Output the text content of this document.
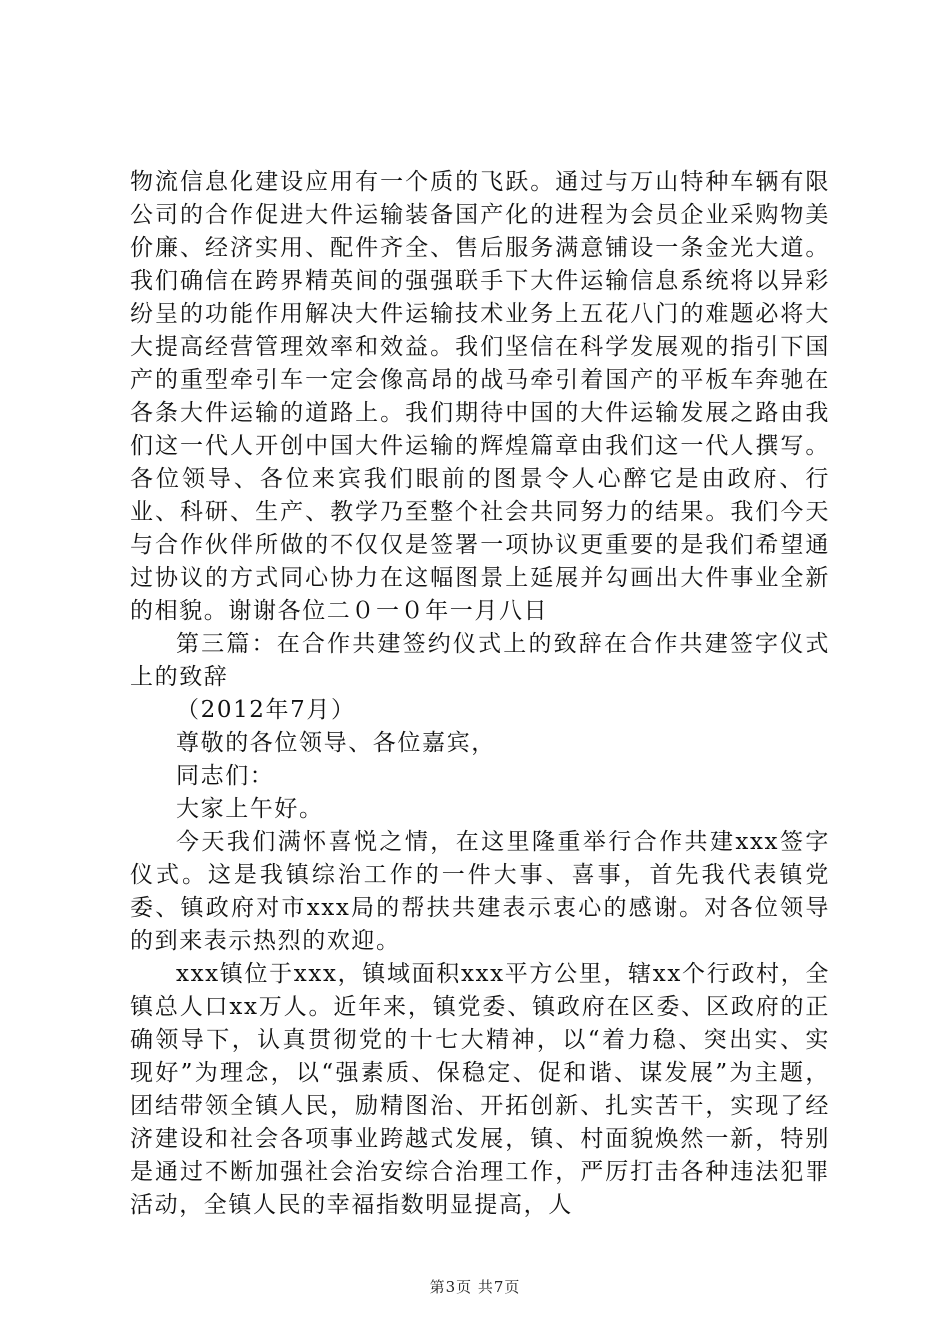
物流信息化建设应用有一个质的飞跃。通过与万山特种车辆有限公司的合作促进大件运输装备国产化的进程为会员企业采购物美价廉、经济实用、配件齐全、售后服务满意铺设一条金光大道。我们确信在跨界精英间的强强联手下大件运输信息系统将以异彩纷呈的功能作用解决大件运输技术业务上五花八门的难题必将大大提高经营管理效率和效益。我们坚信在科学发展观的指引下国产的重型牵引车一定会像高昂的战马牵引着国产的平板车奔驰在各条大件运输的道路上。我们期待中国的大件运输发展之路由我们这一代人开创中国大件运输的辉煌篇章由我们这一代人撰写。各位领导、各位来宾我们眼前的图景令人心醉它是由政府、行业、科研、生产、教学乃至整个社会共同努力的结果。我们今天与合作伙伴所做的不仅仅是签署一项协议更重要的是我们希望通过协议的方式同心协力在这幅图景上延展并勾画出大件事业全新的相貌。谢谢各位二０一０年一月八日

第三篇：在合作共建签约仪式上的致辞在合作共建签字仪式上的致辞

（2012年7月）

尊敬的各位领导、各位嘉宾，

同志们：

大家上午好。

今天我们满怀喜悦之情，在这里隆重举行合作共建xxx签字仪式。这是我镇综治工作的一件大事、喜事，首先我代表镇党委、镇政府对市xxx局的帮扶共建表示衷心的感谢。对各位领导的到来表示热烈的欢迎。

xxx镇位于xxx，镇域面积xxx平方公里，辖xx个行政村，全镇总人口xx万人。近年来，镇党委、镇政府在区委、区政府的正确领导下，认真贯彻党的十七大精神，以“着力稳、突出实、实现好”为理念，以“强素质、保稳定、促和谐、谋发展”为主题，团结带领全镇人民，励精图治、开拓创新、扎实苦干，实现了经济建设和社会各项事业跨越式发展，镇、村面貌焕然一新，特别是通过不断加强社会治安综合治理工作，严厉打击各种违法犯罪活动，全镇人民的幸福指数明显提高，人

第3页 共7页
